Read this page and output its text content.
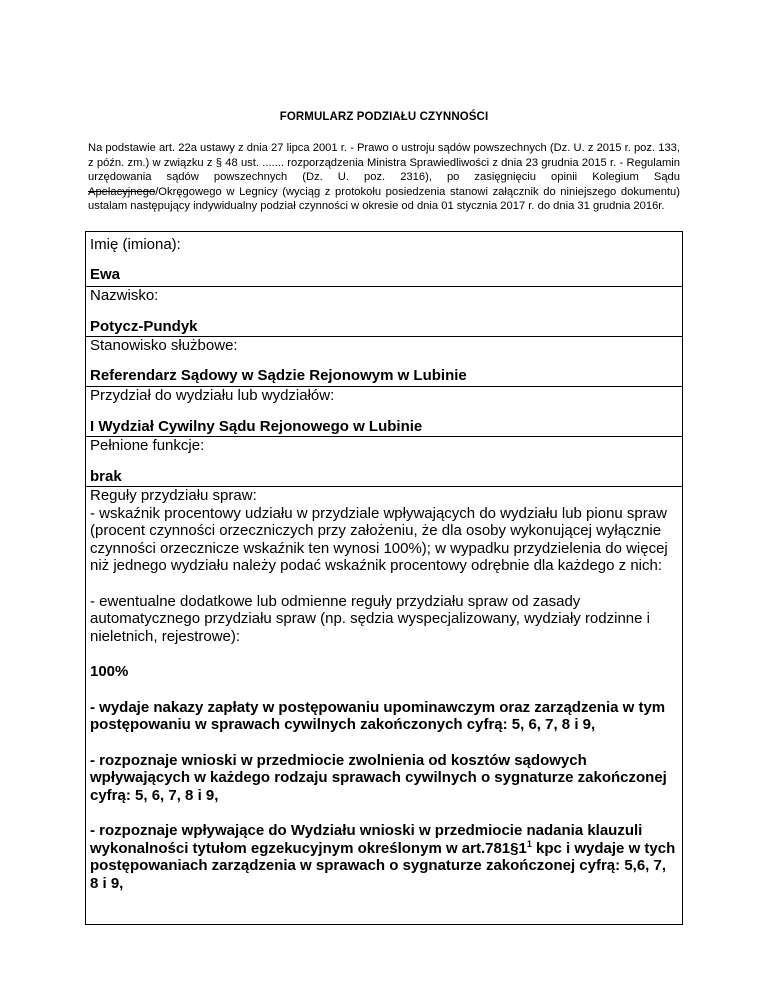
FORMULARZ PODZIAŁU CZYNNOŚCI
Na podstawie art. 22a ustawy z dnia 27 lipca 2001 r. - Prawo o ustroju sądów powszechnych (Dz. U. z 2015 r. poz. 133, z późn. zm.) w związku z § 48 ust. ....... rozporządzenia Ministra Sprawiedliwości z dnia 23 grudnia 2015 r. - Regulamin urzędowania sądów powszechnych (Dz. U. poz. 2316), po zasięgnięciu opinii Kolegium Sądu Apelacyjnego/Okręgowego w Legnicy (wyciąg z protokołu posiedzenia stanowi załącznik do niniejszego dokumentu) ustalam następujący indywidualny podział czynności w okresie od dnia 01 stycznia 2017 r. do dnia 31 grudnia 2016r.
Imię (imiona):
Ewa
Nazwisko:
Potycz-Pundyk
Stanowisko służbowe:
Referendarz Sądowy w Sądzie Rejonowym w Lubinie
Przydział do wydziału lub wydziałów:
I Wydział Cywilny Sądu Rejonowego w Lubinie
Pełnione funkcje:
brak

Reguły przydziału spraw:

- wskaźnik procentowy udziału w przydziale wpływających do wydziału lub pionu spraw (procent czynności orzeczniczych przy założeniu, że dla osoby wykonującej wyłącznie czynności orzecznicze wskaźnik ten wynosi 100%); w wypadku przydzielenia do więcej niż jednego wydziału należy podać wskaźnik procentowy odrębnie dla każdego z nich:

- ewentualne dodatkowe lub odmienne reguły przydziału spraw od zasady automatycznego przydziału spraw (np. sędzia wyspecjalizowany, wydziały rodzinne i nieletnich, rejestrowe):

100%

- wydaje nakazy zapłaty w postępowaniu upominawczym oraz zarządzenia w tym postępowaniu w sprawach cywilnych zakończonych cyfrą: 5, 6, 7, 8 i 9,

- rozpoznaje wnioski w przedmiocie zwolnienia od kosztów sądowych wpływających w każdego rodzaju sprawach cywilnych o sygnaturze zakończonej cyfrą: 5, 6, 7, 8 i 9,

- rozpoznaje wpływające do Wydziału wnioski w przedmiocie nadania klauzuli wykonalności tytułom egzekucyjnym określonym w $art.781\S 1^1$ kpc i wydaje w tych postępowaniach zarządzenia w sprawach o sygnaturze zakończonej cyfrą: 5,6, 7, 8 i 9,
